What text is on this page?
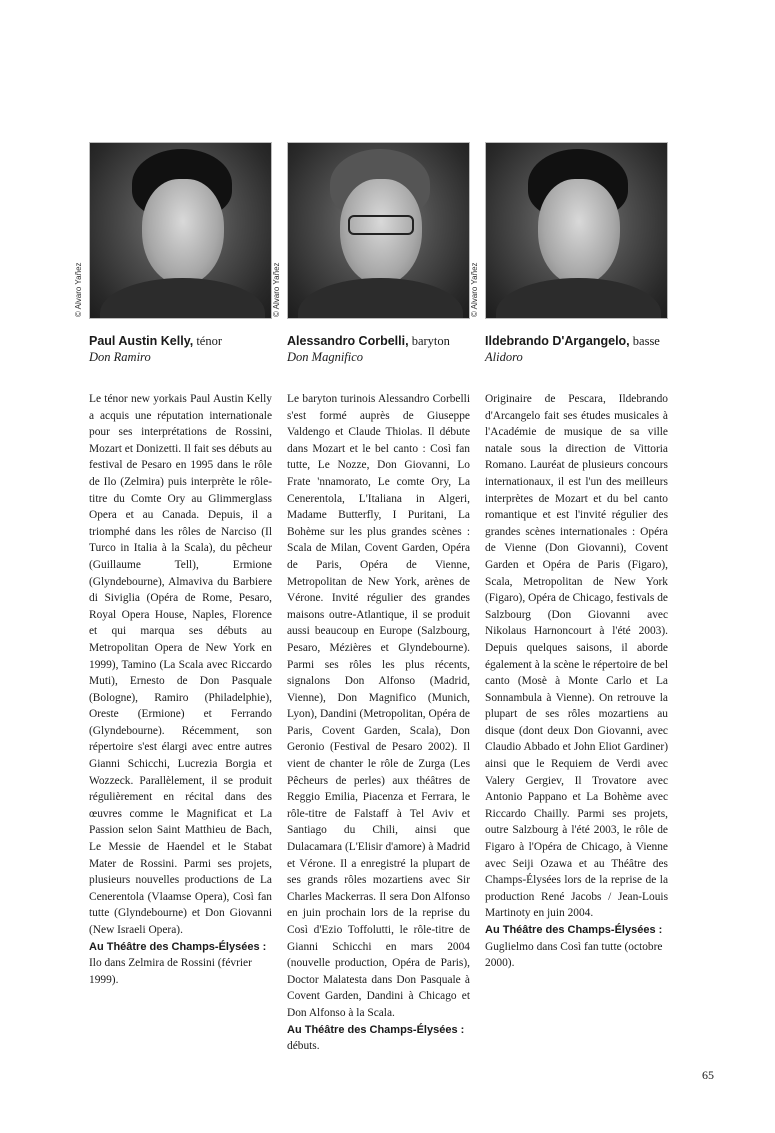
© Alvaro Yañez
Paul Austin Kelly, ténor
Don Ramiro
Le ténor new yorkais Paul Austin Kelly a acquis une réputation internationale pour ses interprétations de Rossini, Mozart et Donizetti. Il fait ses débuts au festival de Pesaro en 1995 dans le rôle de Ilo (Zelmira) puis interprète le rôle-titre du Comte Ory au Glimmerglass Opera et au Canada. Depuis, il a triomphé dans les rôles de Narciso (Il Turco in Italia à la Scala), du pêcheur (Guillaume Tell), Ermione (Glyndebourne), Almaviva du Barbiere di Siviglia (Opéra de Rome, Pesaro, Royal Opera House, Naples, Florence et qui marqua ses débuts au Metropolitan Opera de New York en 1999), Tamino (La Scala avec Riccardo Muti), Ernesto de Don Pasquale (Bologne), Ramiro (Philadelphie), Oreste (Ermione) et Ferrando (Glyndebourne). Récemment, son répertoire s'est élargi avec entre autres Gianni Schicchi, Lucrezia Borgia et Wozzeck. Parallèlement, il se produit régulièrement en récital dans des œuvres comme le Magnificat et La Passion selon Saint Matthieu de Bach, Le Messie de Haendel et le Stabat Mater de Rossini. Parmi ses projets, plusieurs nouvelles productions de La Cenerentola (Vlaamse Opera), Così fan tutte (Glyndebourne) et Don Giovanni (New Israeli Opera).
Au Théâtre des Champs-Élysées :
Ilo dans Zelmira de Rossini (février 1999).
© Alvaro Yañez
Alessandro Corbelli, baryton
Don Magnifico
Le baryton turinois Alessandro Corbelli s'est formé auprès de Giuseppe Valdengo et Claude Thiolas. Il débute dans Mozart et le bel canto : Così fan tutte, Le Nozze, Don Giovanni, Lo Frate 'nnamorato, Le comte Ory, La Cenerentola, L'Italiana in Algeri, Madame Butterfly, I Puritani, La Bohème sur les plus grandes scènes : Scala de Milan, Covent Garden, Opéra de Paris, Opéra de Vienne, Metropolitan de New York, arènes de Vérone. Invité régulier des grandes maisons outre-Atlantique, il se produit aussi beaucoup en Europe (Salzbourg, Pesaro, Mézières et Glyndebourne). Parmi ses rôles les plus récents, signalons Don Alfonso (Madrid, Vienne), Don Magnifico (Munich, Lyon), Dandini (Metropolitan, Opéra de Paris, Covent Garden, Scala), Don Geronio (Festival de Pesaro 2002). Il vient de chanter le rôle de Zurga (Les Pêcheurs de perles) aux théâtres de Reggio Emilia, Piacenza et Ferrara, le rôle-titre de Falstaff à Tel Aviv et Santiago du Chili, ainsi que Dulacamara (L'Elisir d'amore) à Madrid et Vérone. Il a enregistré la plupart de ses grands rôles mozartiens avec Sir Charles Mackerras. Il sera Don Alfonso en juin prochain lors de la reprise du Così d'Ezio Toffolutti, le rôle-titre de Gianni Schicchi en mars 2004 (nouvelle production, Opéra de Paris), Doctor Malatesta dans Don Pasquale à Covent Garden, Dandini à Chicago et Don Alfonso à la Scala.
Au Théâtre des Champs-Élysées :
débuts.
© Alvaro Yañez
Ildebrando D'Argangelo, basse
Alidoro
Originaire de Pescara, Ildebrando d'Arcangelo fait ses études musicales à l'Académie de musique de sa ville natale sous la direction de Vittoria Romano. Lauréat de plusieurs concours internationaux, il est l'un des meilleurs interprètes de Mozart et du bel canto romantique et est l'invité régulier des grandes scènes internationales : Opéra de Vienne (Don Giovanni), Covent Garden et Opéra de Paris (Figaro), Scala, Metropolitan de New York (Figaro), Opéra de Chicago, festivals de Salzbourg (Don Giovanni avec Nikolaus Harnoncourt à l'été 2003). Depuis quelques saisons, il aborde également à la scène le répertoire de bel canto (Mosè à Monte Carlo et La Sonnambula à Vienne). On retrouve la plupart de ses rôles mozartiens au disque (dont deux Don Giovanni, avec Claudio Abbado et John Eliot Gardiner) ainsi que le Requiem de Verdi avec Valery Gergiev, Il Trovatore avec Antonio Pappano et La Bohème avec Riccardo Chailly. Parmi ses projets, outre Salzbourg à l'été 2003, le rôle de Figaro à l'Opéra de Chicago, à Vienne avec Seiji Ozawa et au Théâtre des Champs-Élysées lors de la reprise de la production René Jacobs / Jean-Louis Martinoty en juin 2004.
Au Théâtre des Champs-Élysées :
Guglielmo dans Così fan tutte (octobre 2000).
65
